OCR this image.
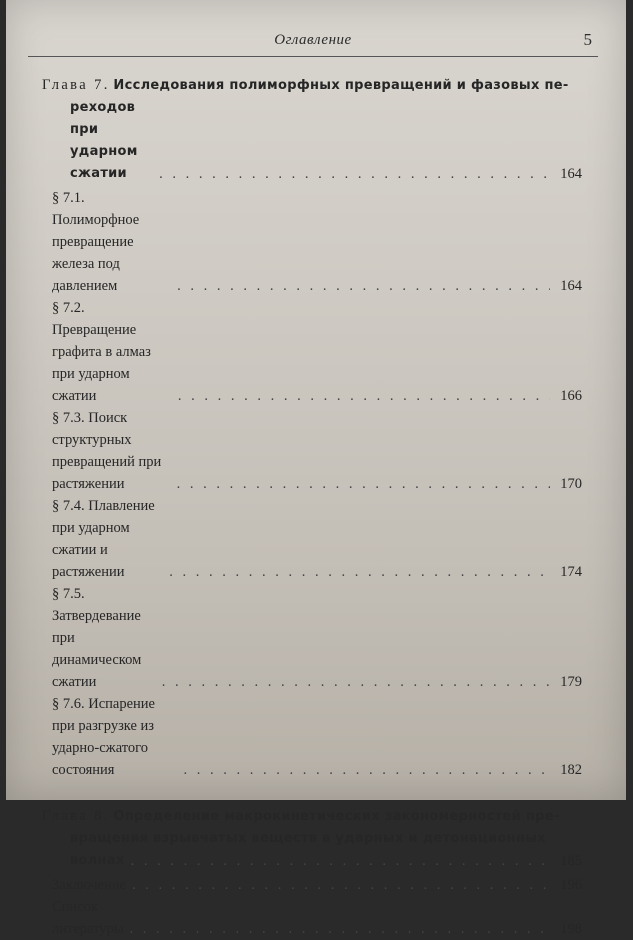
Оглавление	5
Глава 7. Исследования полиморфных превращений и фазовых пе-
реходов при ударном сжатии . . .	164
§ 7.1. Полиморфное превращение железа под давлением . . .	164
§ 7.2. Превращение графита в алмаз при ударном сжатии . . .	166
§ 7.3. Поиск структурных превращений при растяжении . . .	170
§ 7.4. Плавление при ударном сжатии и растяжении . . .	174
§ 7.5. Затвердевание при динамическом сжатии . . .	179
§ 7.6. Испарение при разгрузке из ударно-сжатого состояния . . .	182
Глава 8. Определение макрокинетических закономерностей пре-
вращения взрывчатых веществ в ударных и детонационных
волнах . . .	185
Заключение . . .	196
Список литературы . . .	198
